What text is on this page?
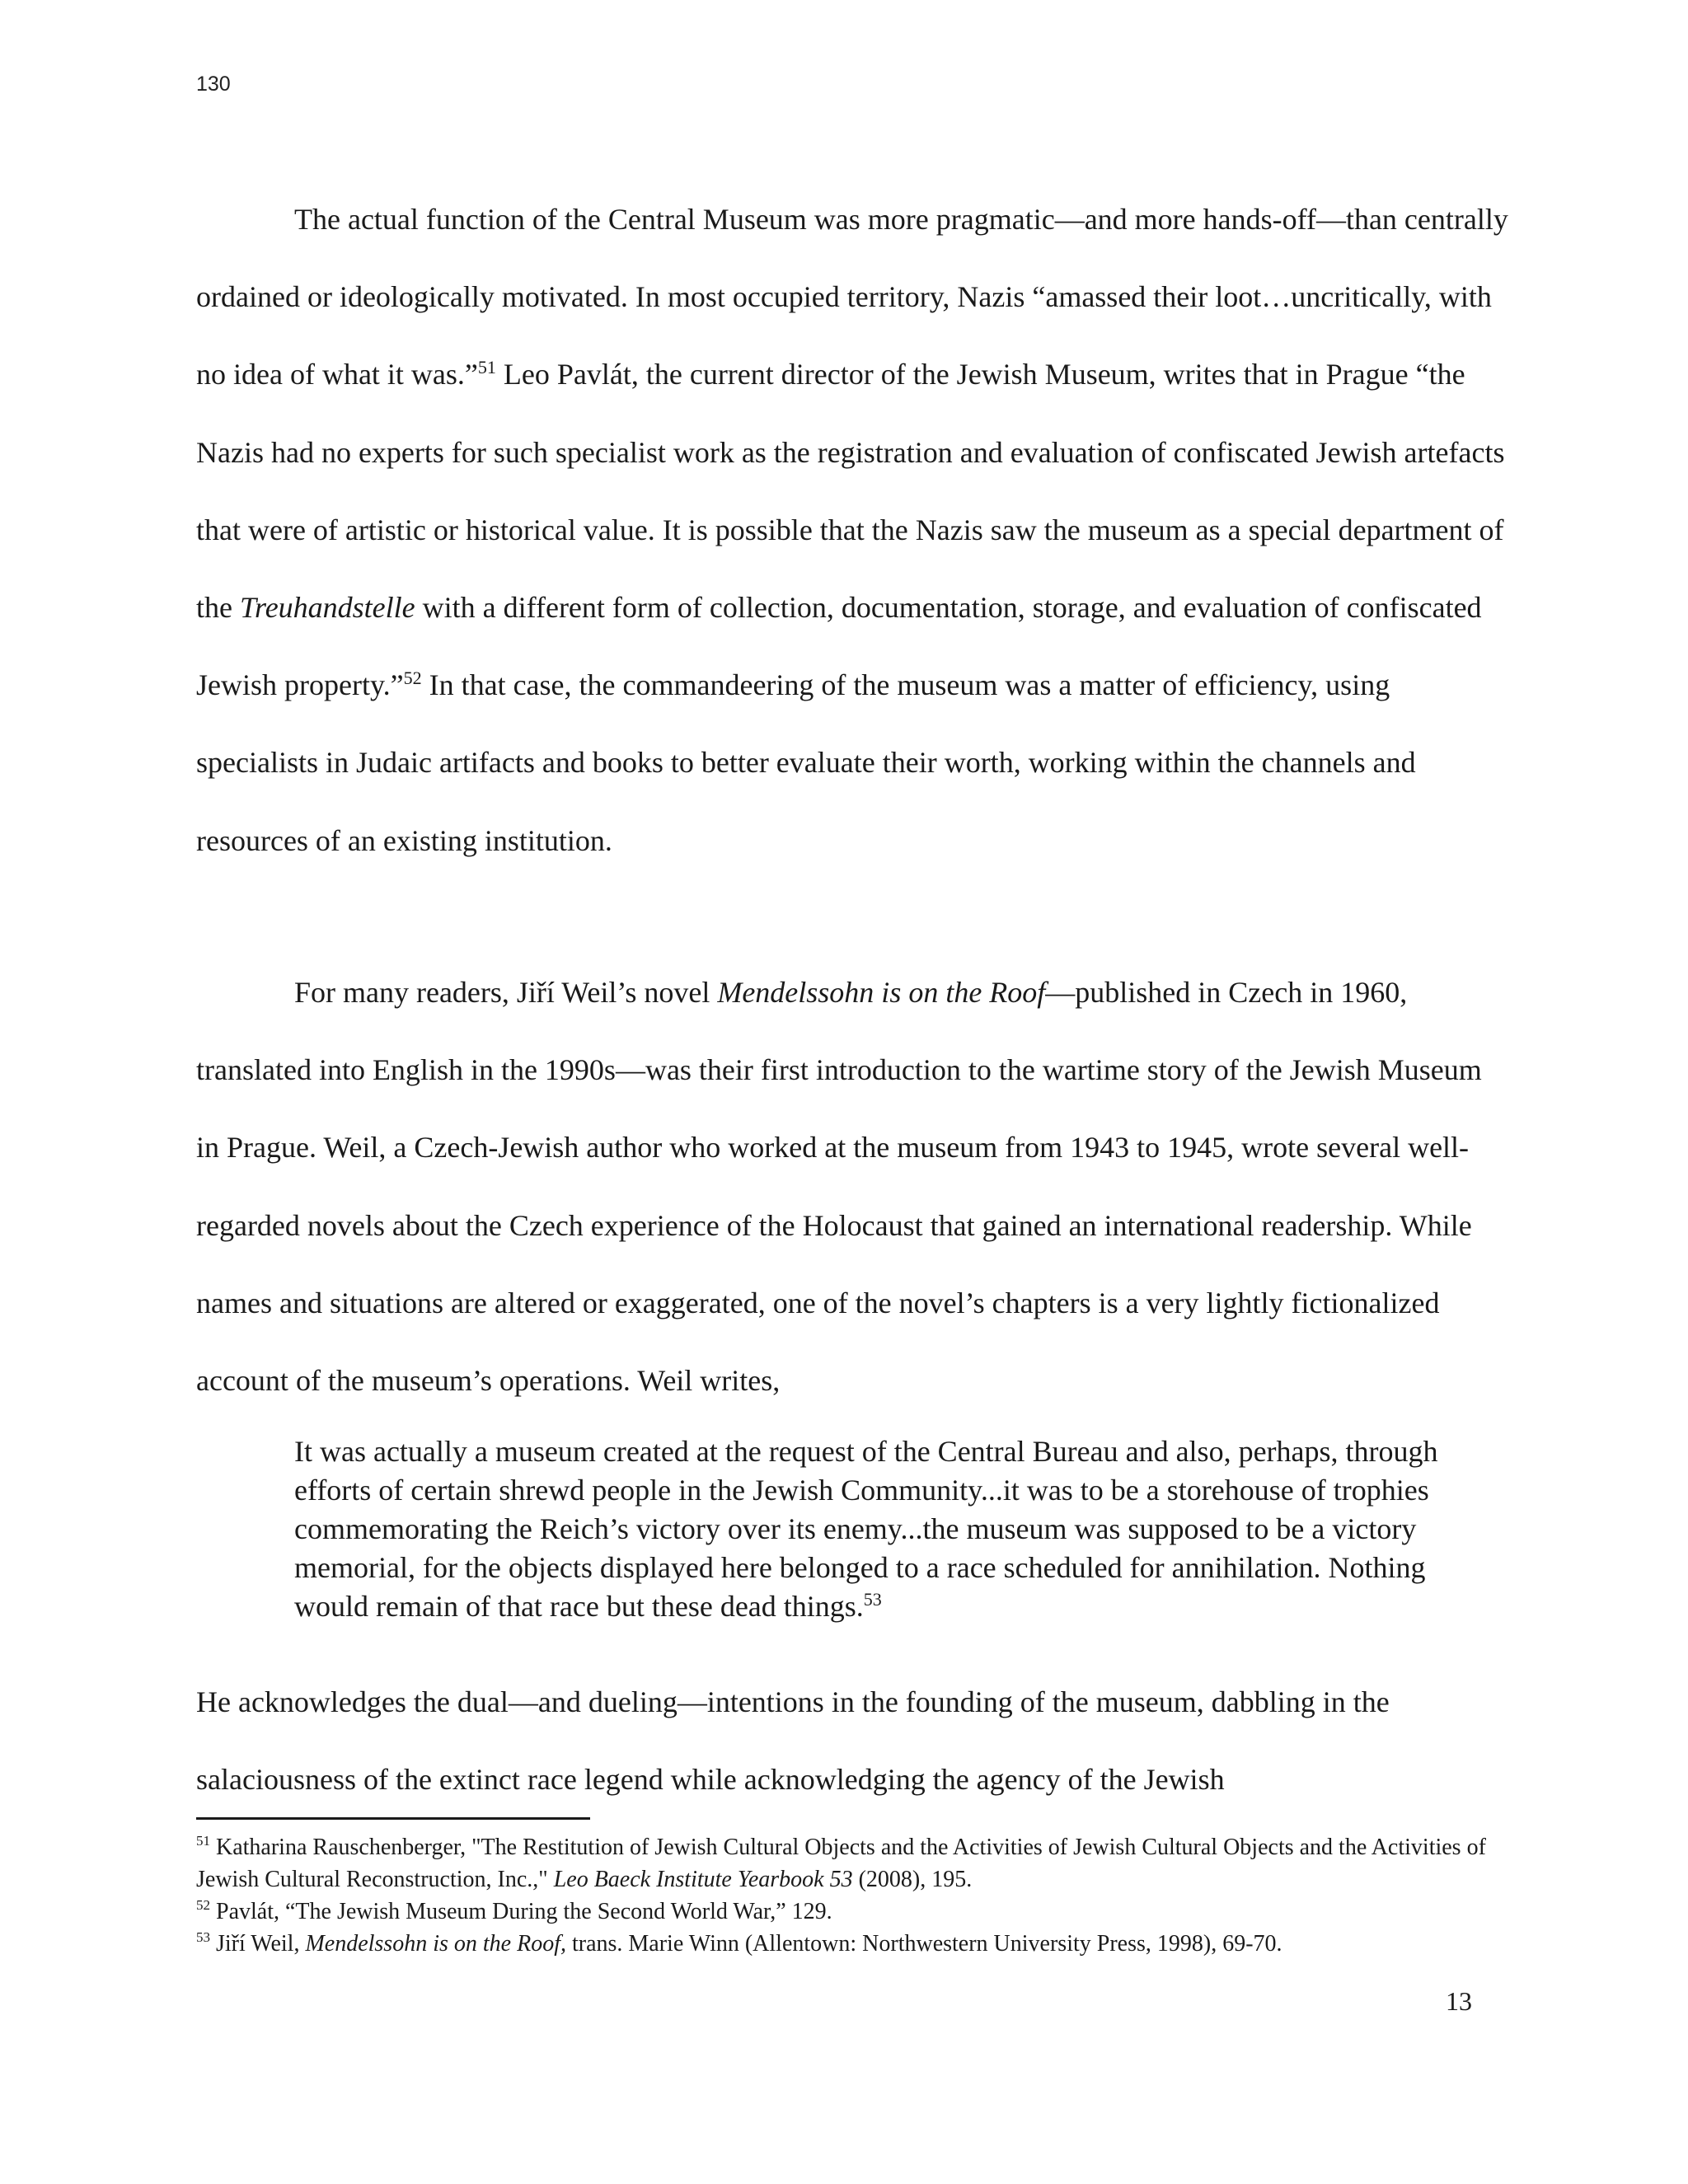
130

The actual function of the Central Museum was more pragmatic—and more hands-off—than centrally ordained or ideologically motivated. In most occupied territory, Nazis “amassed their loot…uncritically, with no idea of what it was.”$^{51}$ Leo Pavlát, the current director of the Jewish Museum, writes that in Prague “the Nazis had no experts for such specialist work as the registration and evaluation of confiscated Jewish artefacts that were of artistic or historical value. It is possible that the Nazis saw the museum as a special department of the Treuhandstelle with a different form of collection, documentation, storage, and evaluation of confiscated Jewish property.”$^{52}$ In that case, the commandeering of the museum was a matter of efficiency, using specialists in Judaic artifacts and books to better evaluate their worth, working within the channels and resources of an existing institution.

For many readers, Jiří Weil’s novel Mendelssohn is on the Roof—published in Czech in 1960, translated into English in the 1990s—was their first introduction to the wartime story of the Jewish Museum in Prague. Weil, a Czech-Jewish author who worked at the museum from 1943 to 1945, wrote several well-regarded novels about the Czech experience of the Holocaust that gained an international readership. While names and situations are altered or exaggerated, one of the novel’s chapters is a very lightly fictionalized account of the museum’s operations. Weil writes,

It was actually a museum created at the request of the Central Bureau and also, perhaps, through efforts of certain shrewd people in the Jewish Community...it was to be a storehouse of trophies commemorating the Reich’s victory over its enemy...the museum was supposed to be a victory memorial, for the objects displayed here belonged to a race scheduled for annihilation. Nothing would remain of that race but these dead things.$^{53}$

He acknowledges the dual—and dueling—intentions in the founding of the museum, dabbling in the salaciousness of the extinct race legend while acknowledging the agency of the Jewish

$^{51}$ Katharina Rauschenberger, "The Restitution of Jewish Cultural Objects and the Activities of Jewish Cultural Objects and the Activities of Jewish Cultural Reconstruction, Inc.," Leo Baeck Institute Yearbook 53 (2008), 195.

$^{52}$ Pavlát, “The Jewish Museum During the Second World War,” 129.

$^{53}$ Jiří Weil, Mendelssohn is on the Roof, trans. Marie Winn (Allentown: Northwestern University Press, 1998), 69-70.

13
